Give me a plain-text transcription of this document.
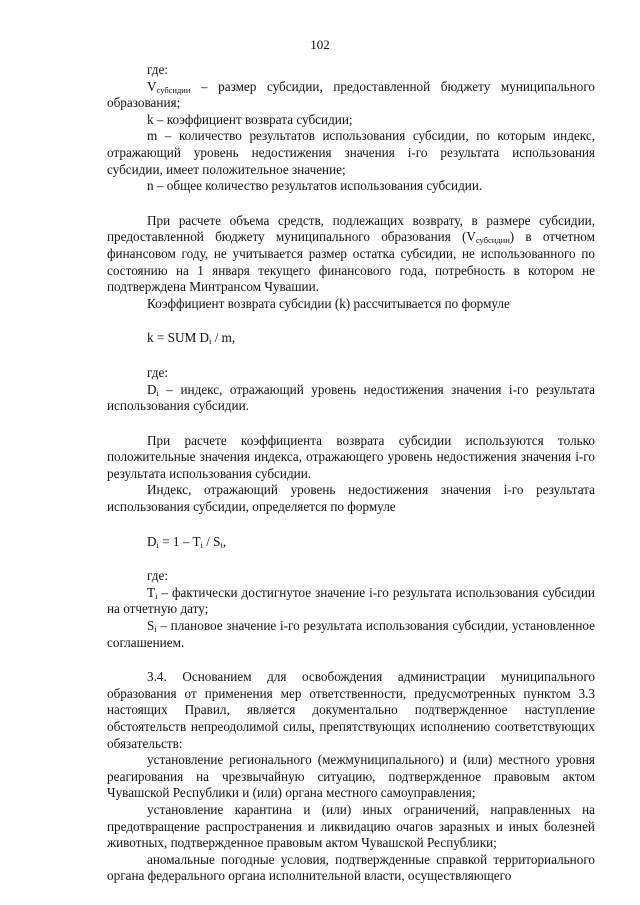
102

где:

$V_{субсидии}$ – размер субсидии, предоставленной бюджету муниципального образования;

k – коэффициент возврата субсидии;

m – количество результатов использования субсидии, по которым индекс, отражающий уровень недостижения значения i-го результата использования субсидии, имеет положительное значение;

n – общее количество результатов использования субсидии.

При расчете объема средств, подлежащих возврату, в размере субсидии, предоставленной бюджету муниципального образования $(V_{субсидии})$ в отчетном финансовом году, не учитывается размер остатка субсидии, не использованного по состоянию на 1 января текущего финансового года, потребность в котором не подтверждена Минтрансом Чувашии.

Коэффициент возврата субсидии (k) рассчитывается по формуле

k = SUM $D_i$ / m,

где:

$D_i$ – индекс, отражающий уровень недостижения значения i-го результата использования субсидии.

При расчете коэффициента возврата субсидии используются только положительные значения индекса, отражающего уровень недостижения значения i-го результата использования субсидии.

Индекс, отражающий уровень недостижения значения i-го результата использования субсидии, определяется по формуле

$D_i = 1 - T_i / S_i$,

где:

$T_i$ – фактически достигнутое значение i-го результата использования субсидии на отчетную дату;

$S_i$ – плановое значение i-го результата использования субсидии, установленное соглашением.

3.4. Основанием для освобождения администрации муниципального образования от применения мер ответственности, предусмотренных пунктом 3.3 настоящих Правил, является документально подтвержденное наступление обстоятельств непреодолимой силы, препятствующих исполнению соответствующих обязательств:

установление регионального (межмуниципального) и (или) местного уровня реагирования на чрезвычайную ситуацию, подтвержденное правовым актом Чувашской Республики и (или) органа местного самоуправления;

установление карантина и (или) иных ограничений, направленных на предотвращение распространения и ликвидацию очагов заразных и иных болезней животных, подтвержденное правовым актом Чувашской Республики;

аномальные погодные условия, подтвержденные справкой территориального органа федерального органа исполнительной власти, осуществляющего
